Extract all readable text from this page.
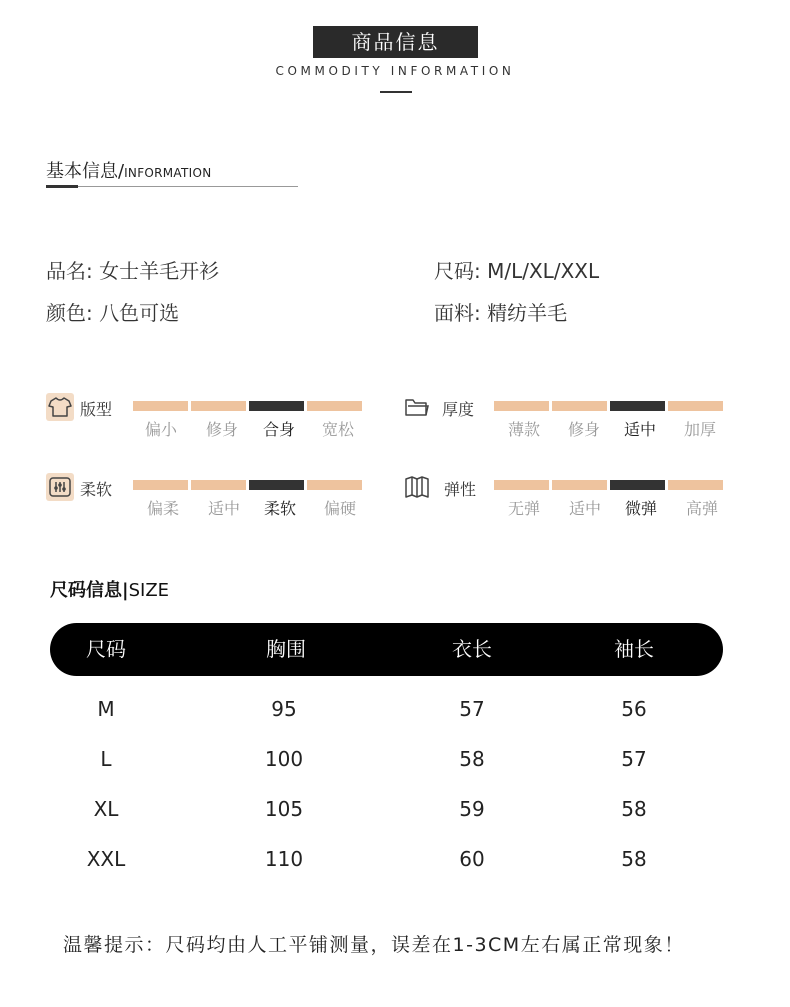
商品信息
COMMODITY INFORMATION
基本信息/INFORMATION
品名: 女士羊毛开衫	尺码: M/L/XL/XXL
颜色: 八色可选	面料: 精纺羊毛
版型
偏小	修身	合身	宽松
厚度
薄款	修身	适中	加厚
柔软
偏柔	适中	柔软	偏硬
弹性
无弹	适中	微弹	高弹
尺码信息|SIZE
尺码	胸围	衣长	袖长
M	95	57	56
L	100	58	57
XL	105	59	58
XXL	110	60	58
温馨提示：尺码均由人工平铺测量，误差在1-3CM左右属正常现象！
